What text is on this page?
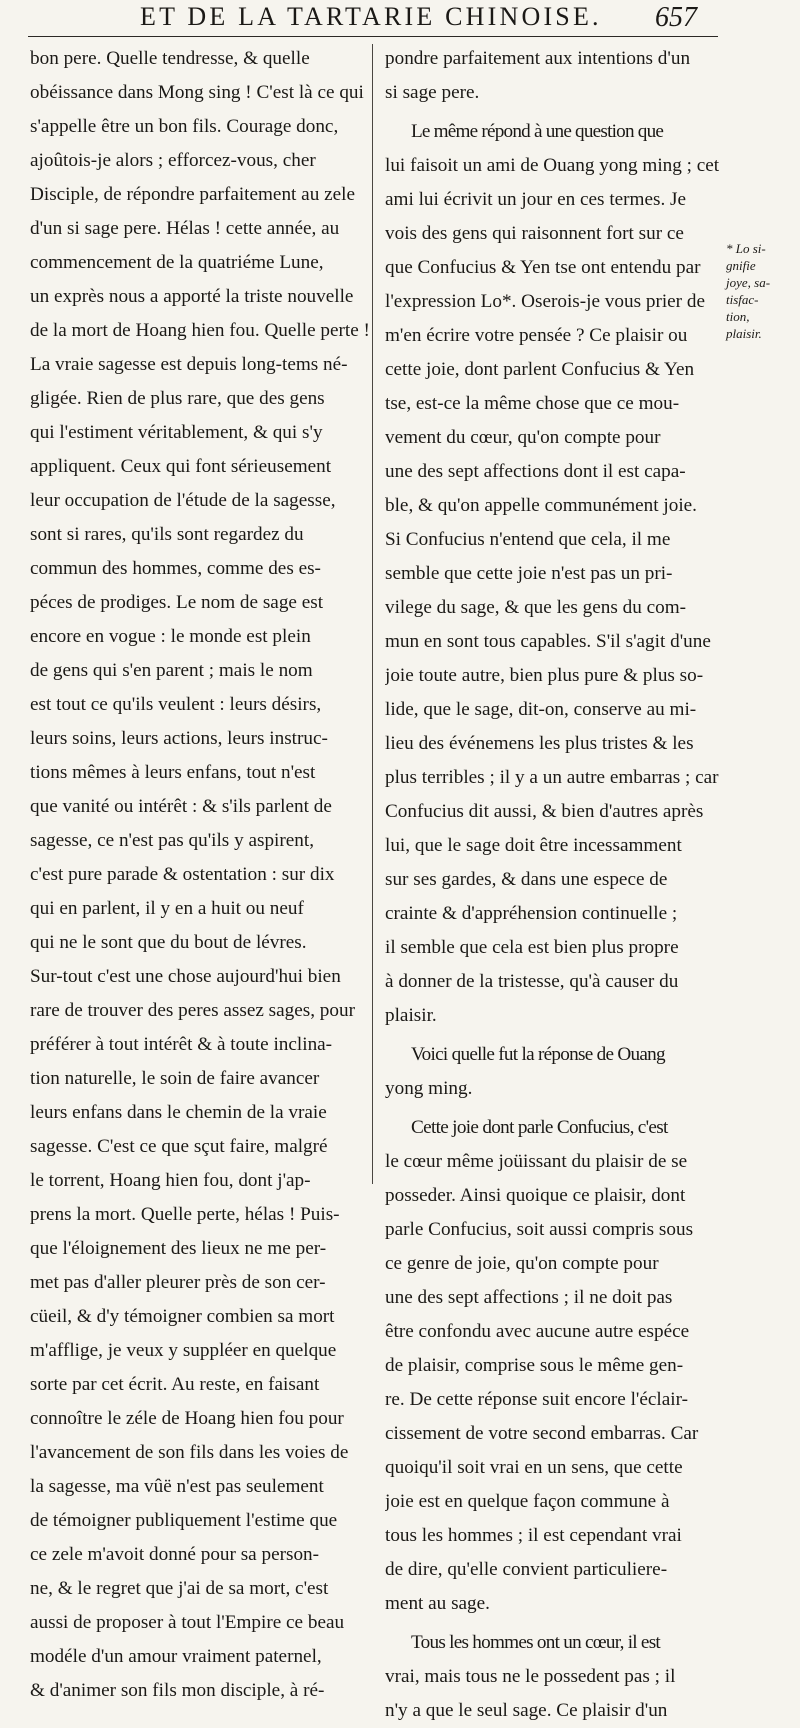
ET DE LA TARTARIE CHINOISE. 657
bon pere. Quelle tendresse, & quelle
obéissance dans Mong sing ! C'est là ce qui
s'appelle être un bon fils. Courage donc,
ajoûtois-je alors ; efforcez-vous, cher
Disciple, de répondre parfaitement au zele
d'un si sage pere. Hélas ! cette année, au
commencement de la quatriéme Lune,
un exprès nous a apporté la triste nouvelle
de la mort de Hoang hien fou. Quelle perte !
La vraie sagesse est depuis long-tems né-
gligée. Rien de plus rare, que des gens
qui l'estiment véritablement, & qui s'y
appliquent. Ceux qui font sérieusement
leur occupation de l'étude de la sagesse,
sont si rares, qu'ils sont regardez du
commun des hommes, comme des es-
péces de prodiges. Le nom de sage est
encore en vogue : le monde est plein
de gens qui s'en parent ; mais le nom
est tout ce qu'ils veulent : leurs désirs,
leurs soins, leurs actions, leurs instruc-
tions mêmes à leurs enfans, tout n'est
que vanité ou intérêt : & s'ils parlent de
sagesse, ce n'est pas qu'ils y aspirent,
c'est pure parade & ostentation : sur dix
qui en parlent, il y en a huit ou neuf
qui ne le sont que du bout de lévres.
Sur-tout c'est une chose aujourd'hui bien
rare de trouver des peres assez sages, pour
préférer à tout intérêt & à toute inclina-
tion naturelle, le soin de faire avancer
leurs enfans dans le chemin de la vraie
sagesse. C'est ce que sçut faire, malgré
le torrent, Hoang hien fou, dont j'ap-
prens la mort. Quelle perte, hélas ! Puis-
que l'éloignement des lieux ne me per-
met pas d'aller pleurer près de son cer-
cüeil, & d'y témoigner combien sa mort
m'afflige, je veux y suppléer en quelque
sorte par cet écrit. Au reste, en faisant
connoître le zéle de Hoang hien fou pour
l'avancement de son fils dans les voies de
la sagesse, ma vûë n'est pas seulement
de témoigner publiquement l'estime que
ce zele m'avoit donné pour sa person-
ne, & le regret que j'ai de sa mort, c'est
aussi de proposer à tout l'Empire ce beau
modéle d'un amour vraiment paternel,
& d'animer son fils mon disciple, à ré-
pondre parfaitement aux intentions d'un
si sage pere.
Le même répond à une question que
lui faisoit un ami de Ouang yong ming ; cet
ami lui écrivit un jour en ces termes. Je
vois des gens qui raisonnent fort sur ce
que Confucius & Yen tse ont entendu par
l'expression Lo*. Oserois-je vous prier de
m'en écrire votre pensée ? Ce plaisir ou
cette joie, dont parlent Confucius & Yen
tse, est-ce la même chose que ce mou-
vement du cœur, qu'on compte pour
une des sept affections dont il est capa-
ble, & qu'on appelle communément joie.
Si Confucius n'entend que cela, il me
semble que cette joie n'est pas un pri-
vilege du sage, & que les gens du com-
mun en sont tous capables. S'il s'agit d'une
joie toute autre, bien plus pure & plus so-
lide, que le sage, dit-on, conserve au mi-
lieu des événemens les plus tristes & les
plus terribles ; il y a un autre embarras ; car
Confucius dit aussi, & bien d'autres après
lui, que le sage doit être incessamment
sur ses gardes, & dans une espece de
crainte & d'appréhension continuelle ;
il semble que cela est bien plus propre
à donner de la tristesse, qu'à causer du
plaisir.
Voici quelle fut la réponse de Ouang
yong ming.
Cette joie dont parle Confucius, c'est
le cœur même joüissant du plaisir de se
posseder. Ainsi quoique ce plaisir, dont
parle Confucius, soit aussi compris sous
ce genre de joie, qu'on compte pour
une des sept affections ; il ne doit pas
être confondu avec aucune autre espéce
de plaisir, comprise sous le même gen-
re. De cette réponse suit encore l'éclair-
cissement de votre second embarras. Car
quoiqu'il soit vrai en un sens, que cette
joie est en quelque façon commune à
tous les hommes ; il est cependant vrai
de dire, qu'elle convient particuliere-
ment au sage.
Tous les hommes ont un cœur, il est
vrai, mais tous ne le possedent pas ; il
n'y a que le seul sage. Ce plaisir d'un
* Lo si-
gnifie
joye, sa-
tisfac-
tion,
plaisir.
